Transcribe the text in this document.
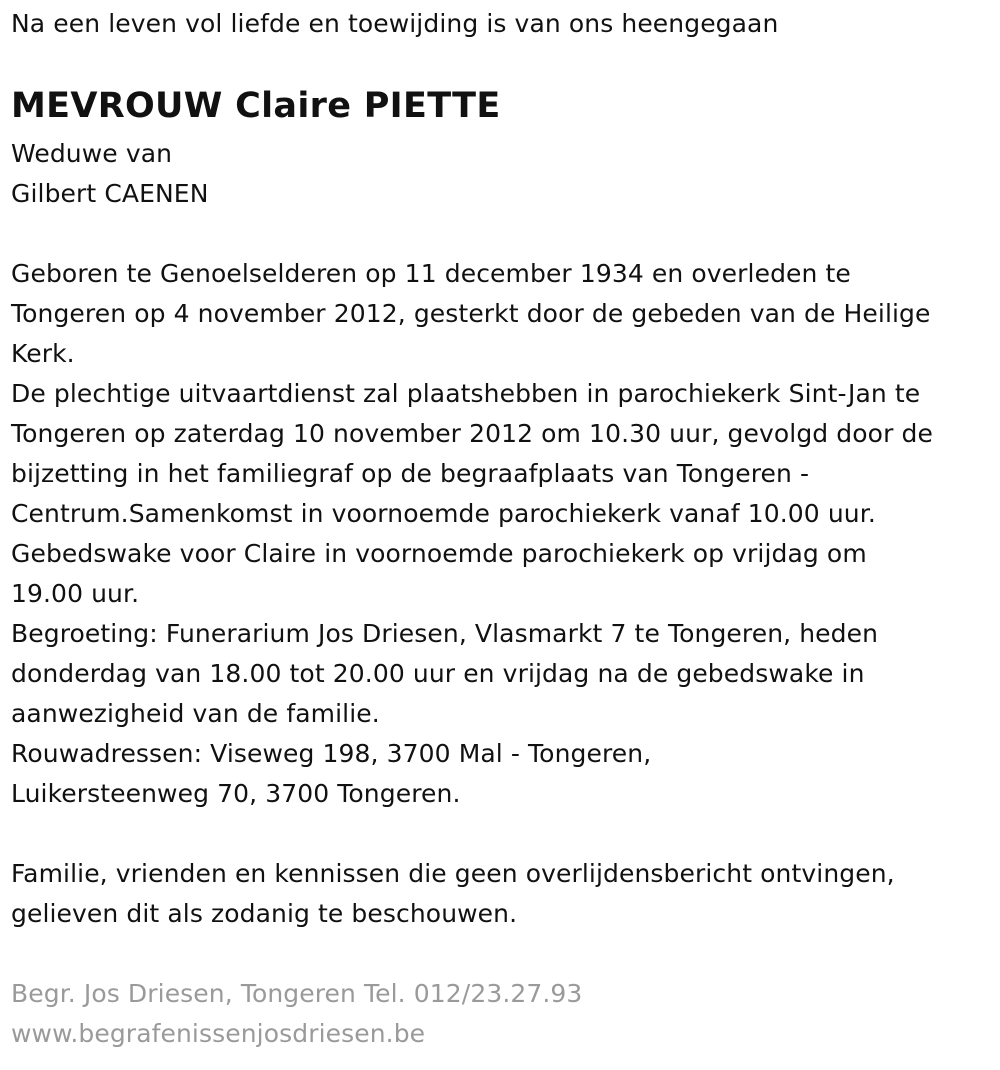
Na een leven vol liefde en toewijding is van ons heengegaan
MEVROUW Claire PIETTE
Weduwe van
Gilbert CAENEN
Geboren te Genoelselderen op 11 december 1934 en overleden te
Tongeren op 4 november 2012, gesterkt door de gebeden van de Heilige
Kerk.
De plechtige uitvaartdienst zal plaatshebben in parochiekerk Sint-Jan te
Tongeren op zaterdag 10 november 2012 om 10.30 uur, gevolgd door de
bijzetting in het familiegraf op de begraafplaats van Tongeren -
Centrum.Samenkomst in voornoemde parochiekerk vanaf 10.00 uur.
Gebedswake voor Claire in voornoemde parochiekerk op vrijdag om
19.00 uur.
Begroeting: Funerarium Jos Driesen, Vlasmarkt 7 te Tongeren, heden
donderdag van 18.00 tot 20.00 uur en vrijdag na de gebedswake in
aanwezigheid van de familie.
Rouwadressen: Viseweg 198, 3700 Mal - Tongeren,
Luikersteenweg 70, 3700 Tongeren.
Familie, vrienden en kennissen die geen overlijdensbericht ontvingen,
gelieven dit als zodanig te beschouwen.
Begr. Jos Driesen, Tongeren Tel. 012/23.27.93
www.begrafenissenjosdriesen.be
